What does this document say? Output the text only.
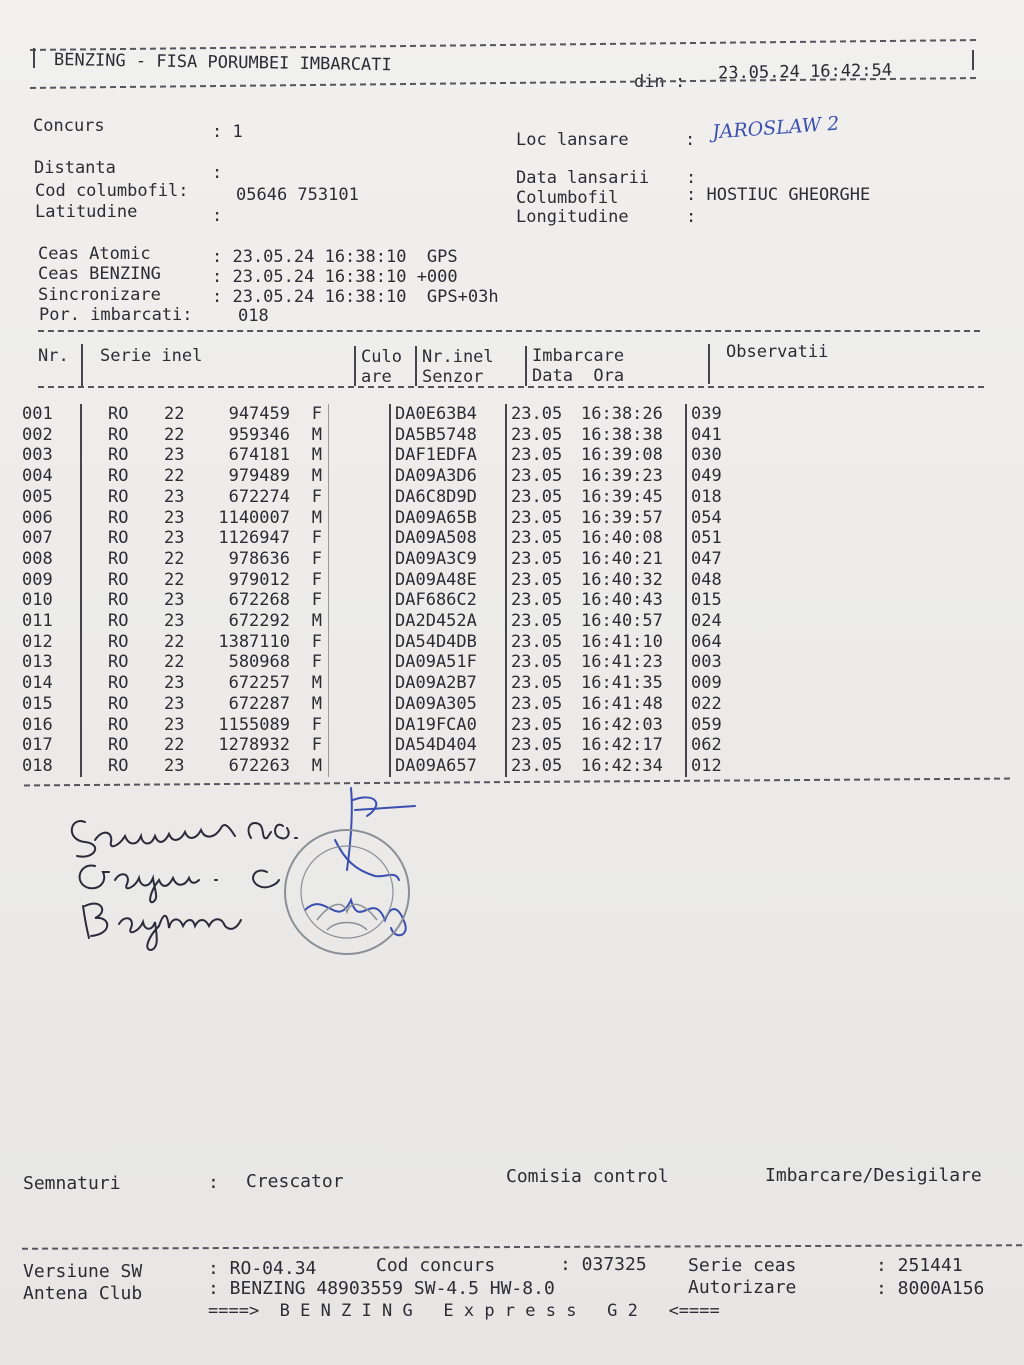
BENZING - FISA PORUMBEI IMBARCATI
din : 23.05.24 16:42:54
Concurs	: 1
Distanta	:
Cod columbofil:	05646 753101
Latitudine	:
Loc lansare	: JAROSLAW 2
Data lansarii :
Columbofil	: HOSTIUC GHEORGHE
Longitudine	:
Ceas Atomic	: 23.05.24 16:38:10  GPS
Ceas BENZING	: 23.05.24 16:38:10 +000
Sincronizare	: 23.05.24 16:38:10  GPS+03h
Por. imbarcati:	018
Nr. Serie inel	Culo
are
Nr.inel
Senzor
Imbarcare
Data  Ora
Observatii
001		RO	22	947459	F		DA0E63B4	23.05	16:38:26	039
002		RO	22	959346	M		DA5B5748	23.05	16:38:38	041
003		RO	23	674181	M		DAF1EDFA	23.05	16:39:08	030
004		RO	22	979489	M		DA09A3D6	23.05	16:39:23	049
005		RO	23	672274	F		DA6C8D9D	23.05	16:39:45	018
006		RO	23	1140007	M		DA09A65B	23.05	16:39:57	054
007		RO	23	1126947	F		DA09A508	23.05	16:40:08	051
008		RO	22	978636	F		DA09A3C9	23.05	16:40:21	047
009		RO	22	979012	F		DA09A48E	23.05	16:40:32	048
010		RO	23	672268	F		DAF686C2	23.05	16:40:43	015
011		RO	23	672292	M		DA2D452A	23.05	16:40:57	024
012		RO	22	1387110	F		DA54D4DB	23.05	16:41:10	064
013		RO	22	580968	F		DA09A51F	23.05	16:41:23	003
014		RO	23	672257	M		DA09A2B7	23.05	16:41:35	009
015		RO	23	672287	M		DA09A305	23.05	16:41:48	022
016		RO	23	1155089	F		DA19FCA0	23.05	16:42:03	059
017		RO	22	1278932	F		DA54D404	23.05	16:42:17	062
018		RO	23	672263	M		DA09A657	23.05	16:42:34	012
Semnaturi	: Crescator	Comisia control	Imbarcare/Desigilare
Versiune SW	: RO-04.34	Cod concurs	: 037325 Serie ceas	: 251441
Antena Club	: BENZING 48903559 SW-4.5 HW-8.0	Autorizare	: 8000A156
====>  B E N Z I N G   E x p r e s s   G 2   <====
